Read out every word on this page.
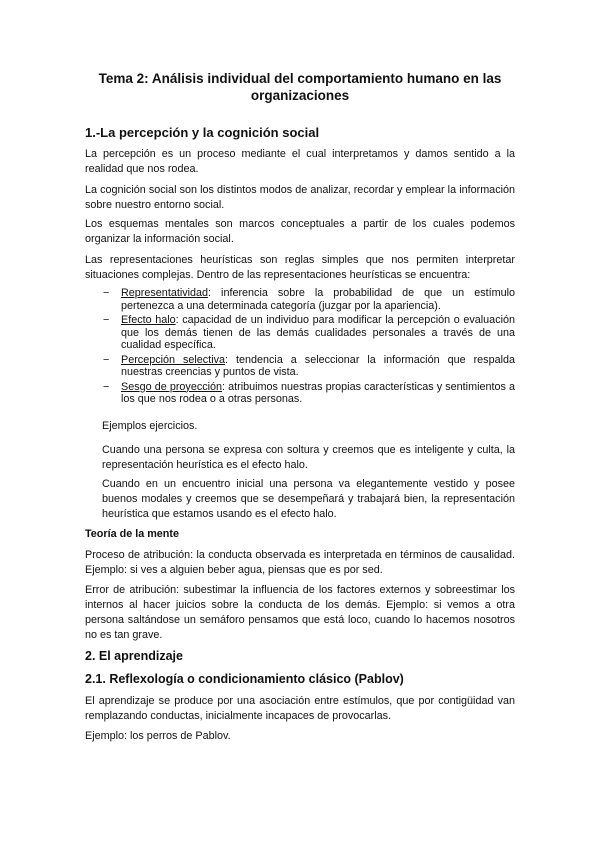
Tema 2: Análisis individual del comportamiento humano en las organizaciones
1.-La percepción y la cognición social
La percepción es un proceso mediante el cual interpretamos y damos sentido a la realidad que nos rodea.
La cognición social son los distintos modos de analizar, recordar y emplear la información sobre nuestro entorno social.
Los esquemas mentales son marcos conceptuales a partir de los cuales podemos organizar la información social.
Las representaciones heurísticas son reglas simples que nos permiten interpretar situaciones complejas. Dentro de las representaciones heurísticas se encuentra:
− Representatividad: inferencia sobre la probabilidad de que un estímulo pertenezca a una determinada categoría (juzgar por la apariencia).
− Efecto halo: capacidad de un individuo para modificar la percepción o evaluación que los demás tienen de las demás cualidades personales a través de una cualidad específica.
− Percepción selectiva: tendencia a seleccionar la información que respalda nuestras creencias y puntos de vista.
− Sesgo de proyección: atribuimos nuestras propias características y sentimientos a los que nos rodea o a otras personas.
Ejemplos ejercicios.
Cuando una persona se expresa con soltura y creemos que es inteligente y culta, la representación heurística es el efecto halo.
Cuando en un encuentro inicial una persona va elegantemente vestido y posee buenos modales y creemos que se desempeñará y trabajará bien, la representación heurística que estamos usando es el efecto halo.
Teoría de la mente
Proceso de atribución: la conducta observada es interpretada en términos de causalidad. Ejemplo: si ves a alguien beber agua, piensas que es por sed.
Error de atribución: subestimar la influencia de los factores externos y sobreestimar los internos al hacer juicios sobre la conducta de los demás. Ejemplo: si vemos a otra persona saltándose un semáforo pensamos que está loco, cuando lo hacemos nosotros no es tan grave.
2. El aprendizaje
2.1. Reflexología o condicionamiento clásico (Pablov)
El aprendizaje se produce por una asociación entre estímulos, que por contigüidad van remplazando conductas, inicialmente incapaces de provocarlas.
Ejemplo: los perros de Pablov.
